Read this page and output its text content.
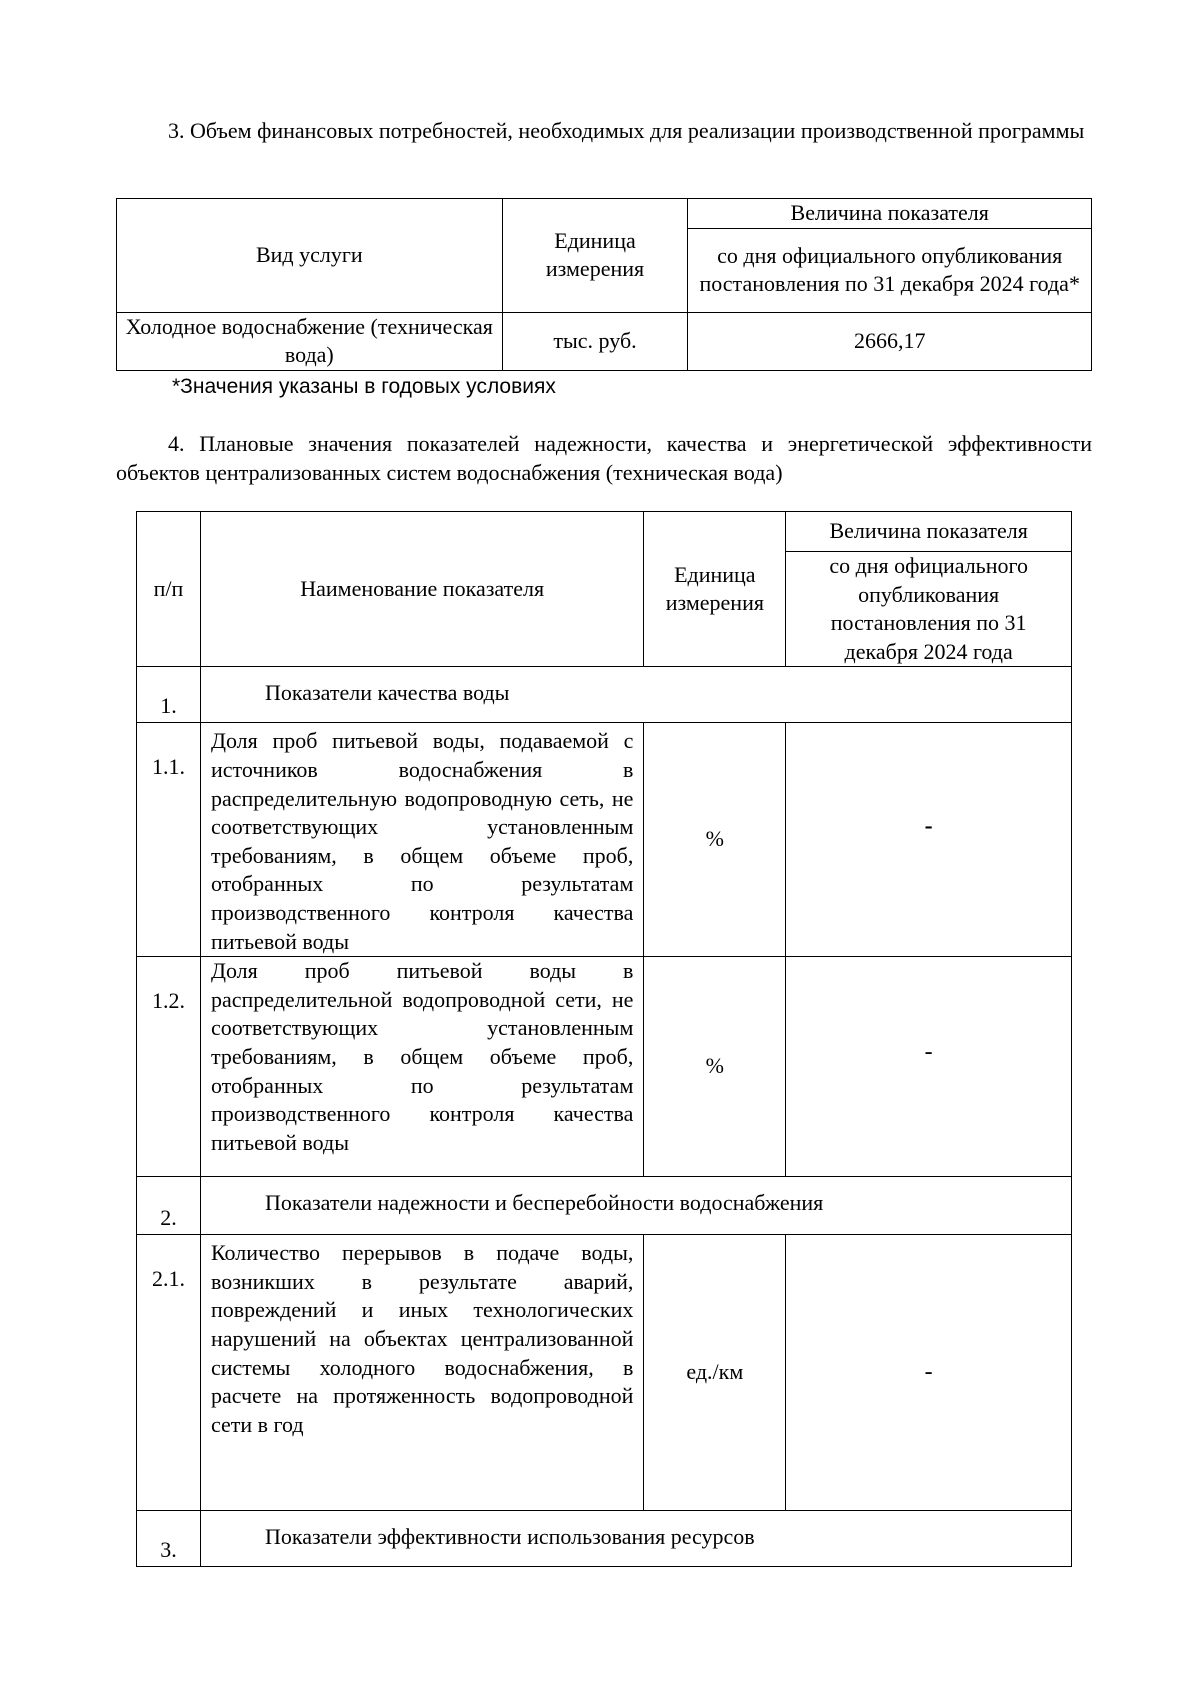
3. Объем финансовых потребностей, необходимых для реализации производственной программы

Вид услуги	Единица измерения	Величина показателя
		со дня официального опубликования постановления по 31 декабря 2024 года*
Холодное водоснабжение (техническая вода)	тыс. руб.	2666,17

*Значения указаны в годовых условиях

4. Плановые значения показателей надежности, качества и энергетической эффективности объектов централизованных систем водоснабжения (техническая вода)

п/п	Наименование показателя	Единица измерения	Величина показателя
			со дня официального опубликования постановления по 31 декабря 2024 года
1.	Показатели качества воды		
1.1.	Доля проб питьевой воды, подаваемой с источников водоснабжения в распределительную водопроводную сеть, не соответствующих установленным требованиям, в общем объеме проб, отобранных по результатам производственного контроля качества питьевой воды	%	-
1.2.	Доля проб питьевой воды в распределительной водопроводной сети, не соответствующих установленным требованиям, в общем объеме проб, отобранных по результатам производственного контроля качества питьевой воды	%	-
2.	Показатели надежности и бесперебойности водоснабжения		
2.1.	Количество перерывов в подаче воды, возникших в результате аварий, повреждений и иных технологических нарушений на объектах централизованной системы холодного водоснабжения, в расчете на протяженность водопроводной сети в год	ед./км	-
3.	Показатели эффективности использования ресурсов		
